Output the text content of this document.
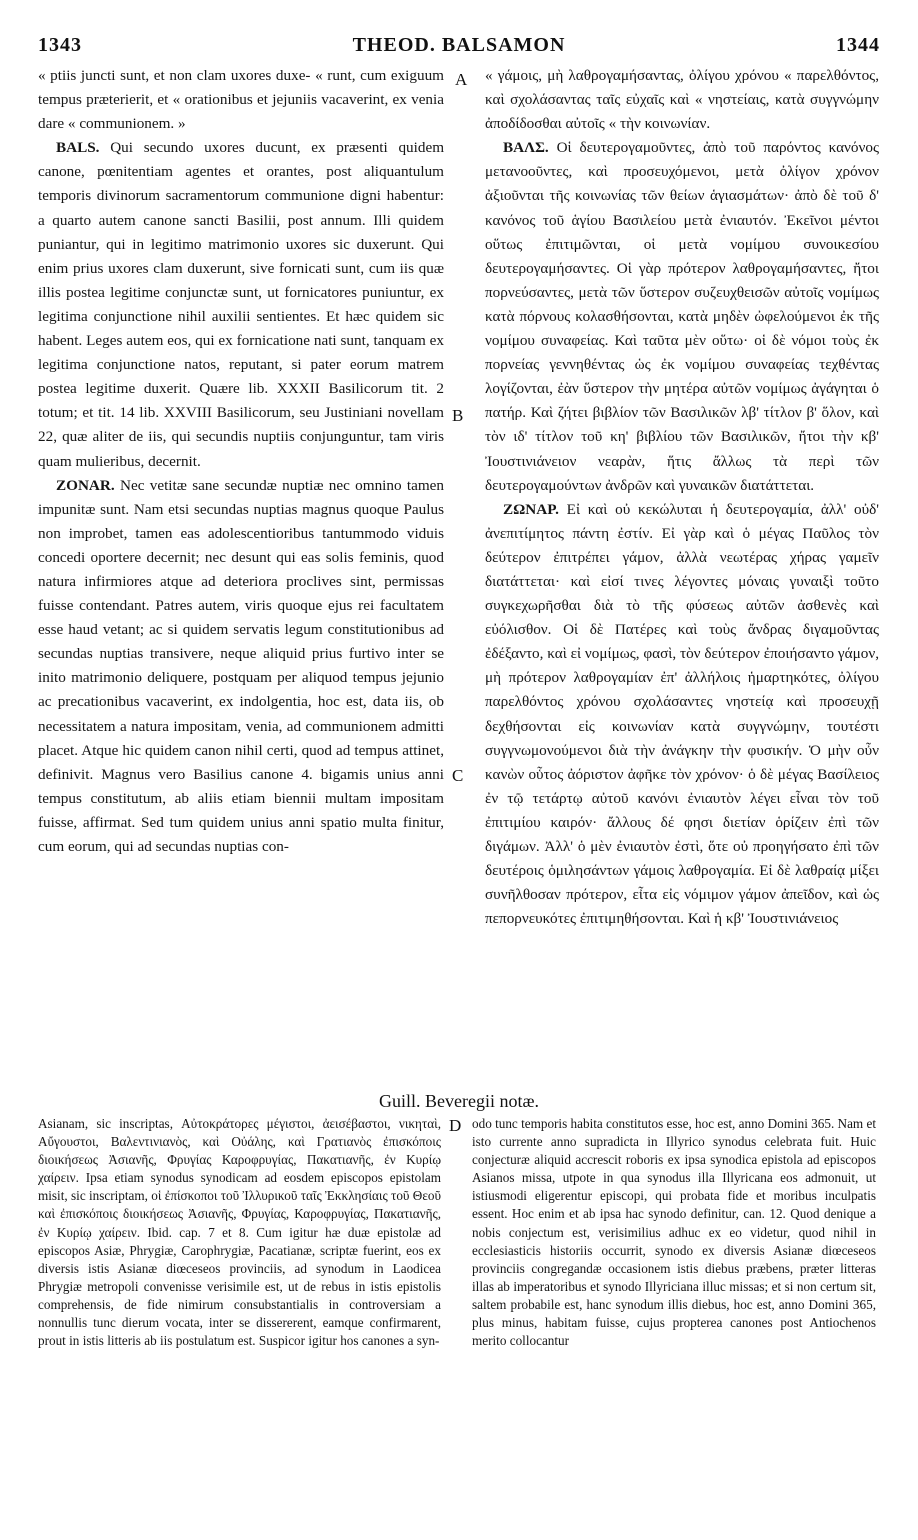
1343	THEOD. BALSAMON	1344

« ptiis juncti sunt, et non clam uxores duxe- « runt, cum exiguum tempus præterierit, et « orationibus et jejuniis vacaverint, ex venia dare « communionem. »

BALS. Qui secundo uxores ducunt, ex præsenti quidem canone, pœnitentiam agentes et orantes, post aliquantulum temporis divinorum sacramentorum communione digni habentur: a quarto autem canone sancti Basilii, post annum. Illi quidem puniantur, qui in legitimo matrimonio uxores sic duxerunt. Qui enim prius uxores clam duxerunt, sive fornicati sunt, cum iis quæ illis postea legitime conjunctæ sunt, ut fornicatores puniuntur, ex legitima conjunctione nihil auxilii sentientes. Et hæc quidem sic habent. Leges autem eos, qui ex fornicatione nati sunt, tanquam ex legitima conjunctione natos, reputant, si pater eorum matrem postea legitime duxerit. Quære lib. XXXII Basilicorum tit. 2 totum; et tit. 14 lib. XXVIII Basilicorum, seu Justiniani novellam 22, quæ aliter de iis, qui secundis nuptiis conjunguntur, tam viris quam mulieribus, decernit.

ZONAR. Nec vetitæ sane secundæ nuptiæ nec omnino tamen impunitæ sunt. Nam etsi secundas nuptias magnus quoque Paulus non improbet, tamen eas adolescentioribus tantummodo viduis concedi oportere decernit; nec desunt qui eas solis feminis, quod natura infirmiores atque ad deteriora proclives sint, permissas fuisse contendant. Patres autem, viris quoque ejus rei facultatem esse haud vetant; ac si quidem servatis legum constitutionibus ad secundas nuptias transivere, neque aliquid prius furtivo inter se inito matrimonio deliquere, postquam per aliquod tempus jejunio ac precationibus vacaverint, ex indolgentia, hoc est, data iis, ob necessitatem a natura impositam, venia, ad communionem admitti placet. Atque hic quidem canon nihil certi, quod ad tempus attinet, definivit. Magnus vero Basilius canone 4. bigamis unius anni tempus constitutum, ab aliis etiam biennii multam impositam fuisse, affirmat. Sed tum quidem unius anni spatio multa finitur, cum eorum, qui ad secundas nuptias con-

« γάμοις, μὴ λαθρογαμήσαντας, ὀλίγου χρόνου « παρελθόντος, καὶ σχολάσαντας ταῖς εὐχαῖς καὶ « νηστείαις, κατὰ συγγνώμην ἀποδίδοσθαι αὐτοῖς « τὴν κοινωνίαν.

ΒΑΛΣ. Οἱ δευτερογαμοῦντες, ἀπὸ τοῦ παρόντος κανόνος μετανοοῦντες, καὶ προσευχόμενοι, μετὰ ὀλίγον χρόνον ἀξιοῦνται τῆς κοινωνίας τῶν θείων ἁγιασμάτων· ἀπὸ δὲ τοῦ δ' κανόνος τοῦ ἁγίου Βασιλείου μετὰ ἐνιαυτόν. Ἐκεῖνοι μέντοι οὕτως ἐπιτιμῶνται, οἱ μετὰ νομίμου συνοικεσίου δευτερογαμήσαντες. Οἱ γὰρ πρότερον λαθρογαμήσαντες, ἤτοι πορνεύσαντες, μετὰ τῶν ὕστερον συζευχθεισῶν αὐτοῖς νομίμως κατὰ πόρνους κολασθήσονται, κατὰ μηδὲν ὠφελούμενοι ἐκ τῆς νομίμου συναφείας. Καὶ ταῦτα μὲν οὕτω· οἱ δὲ νόμοι τοὺς ἐκ πορνείας γεννηθέντας ὡς ἐκ νομίμου συναφείας τεχθέντας λογίζονται, ἐὰν ὕστερον τὴν μητέρα αὐτῶν νομίμως ἀγάγηται ὁ πατήρ. Καὶ ζήτει βιβλίον τῶν Βασιλικῶν λβ' τίτλον β' ὅλον, καὶ τὸν ιδ' τίτλον τοῦ κη' βιβλίου τῶν Βασιλικῶν, ἤτοι τὴν κβ' Ἰουστινιάνειον νεαρὰν, ἥτις ἄλλως τὰ περὶ τῶν δευτερογαμούντων ἀνδρῶν καὶ γυναικῶν διατάττεται.

ΖΩΝΑΡ. Εἰ καὶ οὐ κεκώλυται ἡ δευτερογαμία, ἀλλ' οὐδ' ἀνεπιτίμητος πάντη ἐστίν. Εἰ γὰρ καὶ ὁ μέγας Παῦλος τὸν δεύτερον ἐπιτρέπει γάμον, ἀλλὰ νεωτέρας χήρας γαμεῖν διατάττεται· καὶ εἰσί τινες λέγοντες μόναις γυναιξὶ τοῦτο συγκεχωρῆσθαι διὰ τὸ τῆς φύσεως αὐτῶν ἀσθενὲς καὶ εὐόλισθον. Οἱ δὲ Πατέρες καὶ τοὺς ἄνδρας διγαμοῦντας ἐδέξαντο, καὶ εἰ νομίμως, φασὶ, τὸν δεύτερον ἐποιήσαντο γάμον, μὴ πρότερον λαθρογαμίαν ἐπ' ἀλλήλοις ἡμαρτηκότες, ὀλίγου παρελθόντος χρόνου σχολάσαντες νηστείᾳ καὶ προσευχῇ δεχθήσονται εἰς κοινωνίαν κατὰ συγγνώμην, τουτέστι συγγνωμονούμενοι διὰ τὴν ἀνάγκην τὴν φυσικήν. Ὁ μὴν οὖν κανὼν οὗτος ἀόριστον ἀφῆκε τὸν χρόνον· ὁ δὲ μέγας Βασίλειος ἐν τῷ τετάρτῳ αὐτοῦ κανόνι ἐνιαυτὸν λέγει εἶναι τὸν τοῦ ἐπιτιμίου καιρόν· ἄλλους δέ φησι διετίαν ὁρίζειν ἐπὶ τῶν διγάμων. Ἀλλ' ὁ μὲν ἐνιαυτὸν ἐστὶ, ὅτε οὐ προηγήσατο ἐπὶ τῶν δευτέροις ὁμιλησάντων γάμοις λαθρογαμία. Εἰ δὲ λαθραίᾳ μίξει συνῆλθοσαν πρότερον, εἶτα εἰς νόμιμον γάμον ἀπεῖδον, καὶ ὡς πεπορνευκότες ἐπιτιμηθήσονται. Καὶ ἡ κβ' Ἰουστινιάνειος

A
B
C
D
Guill. Beveregii notæ.

Asianam, sic inscriptas, Αὐτοκράτορες μέγιστοι, ἀεισέβαστοι, νικηταὶ, Αὔγουστοι, Βαλεντινιανὸς, καὶ Οὐάλης, καὶ Γρατιανὸς ἐπισκόποις διοικήσεως Ἀσιανῆς, Φρυγίας Καροφρυγίας, Πακατιανῆς, ἐν Κυρίῳ χαίρειν. Ipsa etiam synodus synodicam ad eosdem episcopos epistolam misit, sic inscriptam, οἱ ἐπίσκοποι τοῦ Ἰλλυρικοῦ ταῖς Ἐκκλησίαις τοῦ Θεοῦ καὶ ἐπισκόποις διοικήσεως Ἀσιανῆς, Φρυγίας, Καροφρυγίας, Πακατιανῆς, ἐν Κυρίῳ χαίρειν. Ibid. cap. 7 et 8. Cum igitur hæ duæ epistolæ ad episcopos Asiæ, Phrygiæ, Carophrygiæ, Pacatianæ, scriptæ fuerint, eos ex diversis istis Asianæ diœceseos provinciis, ad synodum in Laodicea Phrygiæ metropoli convenisse verisimile est, ut de rebus in istis epistolis comprehensis, de fide nimirum consubstantialis in controversiam a nonnullis tunc dierum vocata, inter se dissererent, eamque confirmarent, prout in istis litteris ab iis postulatum est. Suspicor igitur hos canones a syn-

odo tunc temporis habita constitutos esse, hoc est, anno Domini 365. Nam et isto currente anno supradicta in Illyrico synodus celebrata fuit. Huic conjecturæ aliquid accrescit roboris ex ipsa synodica epistola ad episcopos Asianos missa, utpote in qua synodus illa Illyricana eos admonuit, ut istiusmodi eligerentur episcopi, qui probata fide et moribus inculpatis essent. Hoc enim et ab ipsa hac synodo definitur, can. 12. Quod denique a nobis conjectum est, verisimilius adhuc ex eo videtur, quod nihil in ecclesiasticis historiis occurrit, synodo ex diversis Asianæ diœceseos provinciis congregandæ occasionem istis diebus præbens, præter litteras illas ab imperatoribus et synodo Illyriciana illuc missas; et si non certum sit, saltem probabile est, hanc synodum illis diebus, hoc est, anno Domini 365, plus minus, habitam fuisse, cujus propterea canones post Antiochenos merito collocantur
